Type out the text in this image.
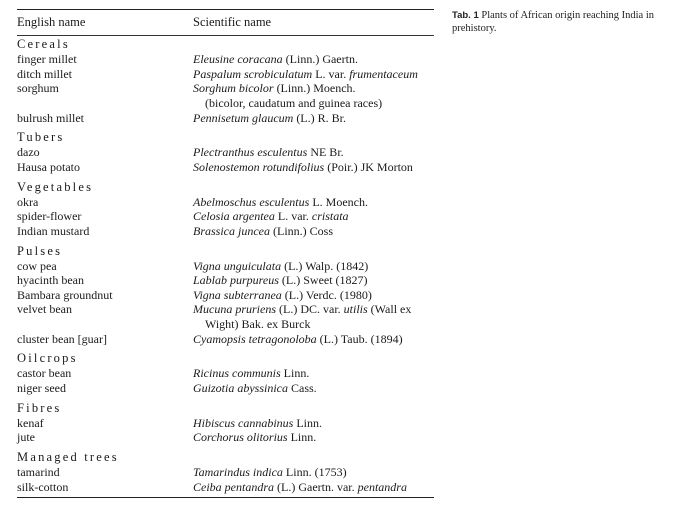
English name	Scientific name
Cereals
finger millet	Eleusine coracana (Linn.) Gaertn.
ditch millet	Paspalum scrobiculatum L. var. frumentaceum
sorghum	Sorghum bicolor (Linn.) Moench.
(bicolor, caudatum and guinea races)
bulrush millet	Pennisetum glaucum (L.) R. Br.
Tubers
dazo	Plectranthus esculentus NE Br.
Hausa potato	Solenostemon rotundifolius (Poir.) JK Morton
Vegetables
okra	Abelmoschus esculentus L. Moench.
spider-flower	Celosia argentea L. var. cristata
Indian mustard	Brassica juncea (Linn.) Coss
Pulses
cow pea	Vigna unguiculata (L.) Walp. (1842)
hyacinth bean	Lablab purpureus (L.) Sweet (1827)
Bambara groundnut	Vigna subterranea (L.) Verdc. (1980)
velvet bean	Mucuna pruriens (L.) DC. var. utilis (Wall ex
Wight) Bak. ex Burck
cluster bean [guar]	Cyamopsis tetragonoloba (L.) Taub. (1894)
Oilcrops
castor bean	Ricinus communis Linn.
niger seed	Guizotia abyssinica Cass.
Fibres
kenaf	Hibiscus cannabinus Linn.
jute	Corchorus olitorius Linn.
Managed trees
tamarind	Tamarindus indica Linn. (1753)
silk-cotton	Ceiba pentandra (L.) Gaertn. var. pentandra
Tab. 1 Plants of African origin reaching India in prehistory.
